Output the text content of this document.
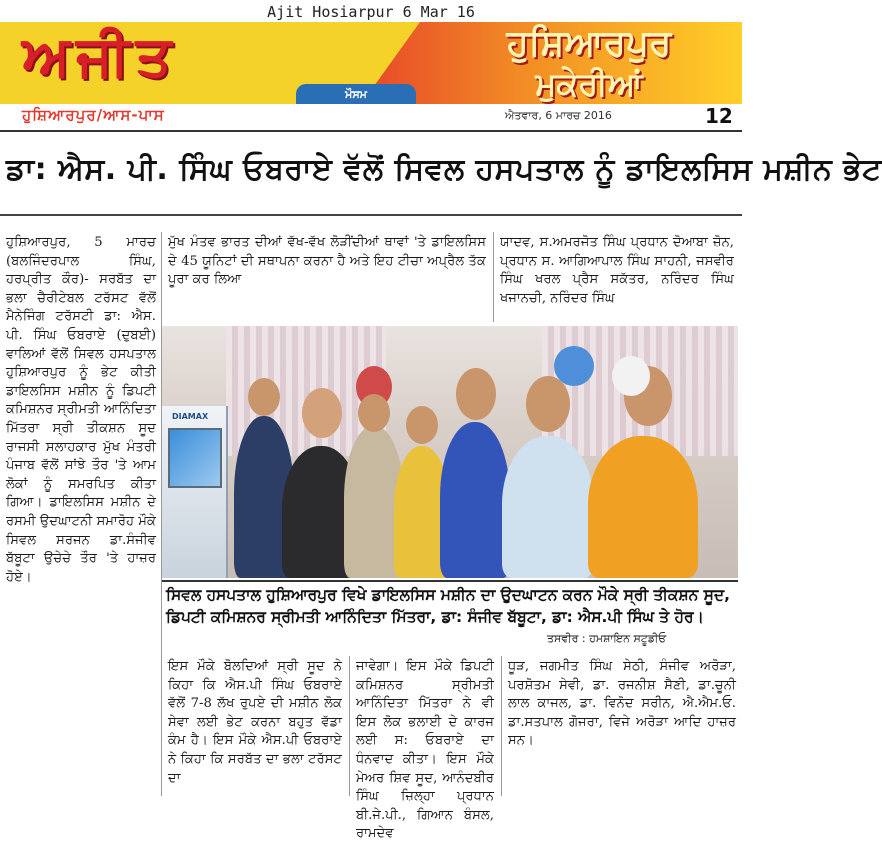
Ajit Hosiarpur 6 Mar 16
ਅਜੀਤ	ਹੁਸ਼ਿਆਰਪੁਰ
ਮੁਕੇਰੀਆਂ
ਮੌਸਮ
ਹੁਸ਼ਿਆਰਪੁਰ/ਆਸ-ਪਾਸ	ਐਤਵਾਰ, 6 ਮਾਰਚ 2016	12
ਡਾ: ਐਸ. ਪੀ. ਸਿੰਘ ਓਬਰਾਏ ਵੱਲੋਂ ਸਿਵਲ ਹਸਪਤਾਲ ਨੂੰ ਡਾਇਲਸਿਸ ਮਸ਼ੀਨ ਭੇਟ

ਹੁਸ਼ਿਆਰਪੁਰ, 5 ਮਾਰਚ (ਬਲਜਿੰਦਰਪਾਲ ਸਿੰਘ, ਹਰਪ੍ਰੀਤ ਕੌਰ)- ਸਰਬੱਤ ਦਾ ਭਲਾ ਚੈਰੀਟੇਬਲ ਟਰੱਸਟ ਵੱਲੋਂ ਮੈਨੇਜਿੰਗ ਟਰੱਸਟੀ ਡਾ: ਐਸ. ਪੀ. ਸਿੰਘ ਓਬਰਾਏ (ਦੁਬਈ) ਵਾਲਿਆਂ ਵੱਲੋਂ ਸਿਵਲ ਹਸਪਤਾਲ ਹੁਸ਼ਿਆਰਪੁਰ ਨੂੰ ਭੇਟ ਕੀਤੀ ਡਾਇਲਸਿਸ ਮਸ਼ੀਨ ਨੂੰ ਡਿਪਟੀ ਕਮਿਸ਼ਨਰ ਸ੍ਰੀਮਤੀ ਆਨਿੰਦਿਤਾ ਮਿੱਤਰਾ ਸ੍ਰੀ ਤੀਕਸ਼ਨ ਸੂਦ ਰਾਜਸੀ ਸਲਾਹਕਾਰ ਮੁੱਖ ਮੰਤਰੀ ਪੰਜਾਬ ਵੱਲੋਂ ਸਾਂਝੇ ਤੌਰ 'ਤੇ ਆਮ ਲੋਕਾਂ ਨੂੰ ਸਮਰਪਿਤ ਕੀਤਾ ਗਿਆ। ਡਾਇਲਸਿਸ ਮਸ਼ੀਨ ਦੇ ਰਸਮੀ ਉਦਘਾਟਨੀ ਸਮਾਰੋਹ ਮੌਕੇ ਸਿਵਲ ਸਰਜਨ ਡਾ.ਸੰਜੀਵ ਬੱਬੂਟਾ ਉਚੇਚੇ ਤੌਰ 'ਤੇ ਹਾਜ਼ਰ ਹੋਏ।

ਮੁੱਖ ਮੰਤਵ ਭਾਰਤ ਦੀਆਂ ਵੱਖ-ਵੱਖ ਲੋੜੀਂਦੀਆਂ ਥਾਵਾਂ 'ਤੇ ਡਾਇਲਸਿਸ ਦੇ 45 ਯੂਨਿਟਾਂ ਦੀ ਸਥਾਪਨਾ ਕਰਨਾ ਹੈ ਅਤੇ ਇਹ ਟੀਚਾ ਅਪ੍ਰੈਲ ਤੱਕ ਪੂਰਾ ਕਰ ਲਿਆ

ਯਾਦਵ, ਸ.ਅਮਰਜੋਤ ਸਿੰਘ ਪ੍ਰਧਾਨ ਦੋਆਬਾ ਜ਼ੋਨ, ਪ੍ਰਧਾਨ ਸ. ਆਗਿਆਪਾਲ ਸਿੰਘ ਸਾਹਨੀ, ਜਸਵੀਰ ਸਿੰਘ ਖਰਲ ਪ੍ਰੈਸ ਸਕੱਤਰ, ਨਰਿੰਦਰ ਸਿੰਘ ਖਜਾਨਚੀ, ਨਰਿੰਦਰ ਸਿੰਘ

DIAMAX
ਸਿਵਲ ਹਸਪਤਾਲ ਹੁਸ਼ਿਆਰਪੁਰ ਵਿਖੇ ਡਾਇਲਸਿਸ ਮਸ਼ੀਨ ਦਾ ਉਦਘਾਟਨ ਕਰਨ ਮੌਕੇ ਸ੍ਰੀ ਤੀਕਸ਼ਨ ਸੂਦ, ਡਿਪਟੀ ਕਮਿਸ਼ਨਰ ਸ੍ਰੀਮਤੀ ਆਨਿੰਦਿਤਾ ਮਿੱਤਰਾ, ਡਾ: ਸੰਜੀਵ ਬੱਬੂਟਾ, ਡਾ: ਐਸ.ਪੀ ਸਿੰਘ ਤੇ ਹੋਰ।
ਤਸਵੀਰ : ਹਮਸ਼ਾਇਨ ਸਟੂਡੀਓ

ਇਸ ਮੌਕੇ ਬੋਲਦਿਆਂ ਸ੍ਰੀ ਸੂਦ ਨੇ ਕਿਹਾ ਕਿ ਐਸ.ਪੀ ਸਿੰਘ ਓਬਰਾਏ ਵੱਲੋਂ 7-8 ਲੱਖ ਰੁਪਏ ਦੀ ਮਸ਼ੀਨ ਲੋਕ ਸੇਵਾ ਲਈ ਭੇਟ ਕਰਨਾ ਬਹੁਤ ਵੱਡਾ ਕੰਮ ਹੈ। ਇਸ ਮੌਕੇ ਐਸ.ਪੀ ਓਬਰਾਏ ਨੇ ਕਿਹਾ ਕਿ ਸਰਬੱਤ ਦਾ ਭਲਾ ਟਰੱਸਟ ਦਾ

ਜਾਵੇਗਾ। ਇਸ ਮੌਕੇ ਡਿਪਟੀ ਕਮਿਸ਼ਨਰ ਸ੍ਰੀਮਤੀ ਆਨਿੰਦਿਤਾ ਮਿੱਤਰਾ ਨੇ ਵੀ ਇਸ ਲੋਕ ਭਲਾਈ ਦੇ ਕਾਰਜ ਲਈ ਸ: ਓਬਰਾਏ ਦਾ ਧੰਨਵਾਦ ਕੀਤਾ। ਇਸ ਮੌਕੇ ਮੇਅਰ ਸ਼ਿਵ ਸੂਦ, ਆਨੰਦਬੀਰ ਸਿੰਘ ਜ਼ਿਲ੍ਹਾ ਪ੍ਰਧਾਨ ਬੀ.ਜੇ.ਪੀ., ਗਿਆਨ ਬੰਸਲ, ਰਾਮਦੇਵ

ਧੂੜ, ਜਗਮੀਤ ਸਿੰਘ ਸੇਠੀ, ਸੰਜੀਵ ਅਰੋੜਾ, ਪਰਸ਼ੋਤਮ ਸੇਵੀ, ਡਾ. ਰਜਨੀਸ਼ ਸੈਣੀ, ਡਾ.ਚੂਨੀ ਲਾਲ ਕਾਜਲ, ਡਾ. ਵਿਨੋਦ ਸਰੀਨ, ਐ.ਐਮ.ਓ. ਡਾ.ਸਤਪਾਲ ਗੋਜਰਾ, ਵਿਜੇ ਅਰੋੜਾ ਆਦਿ ਹਾਜ਼ਰ ਸਨ।
